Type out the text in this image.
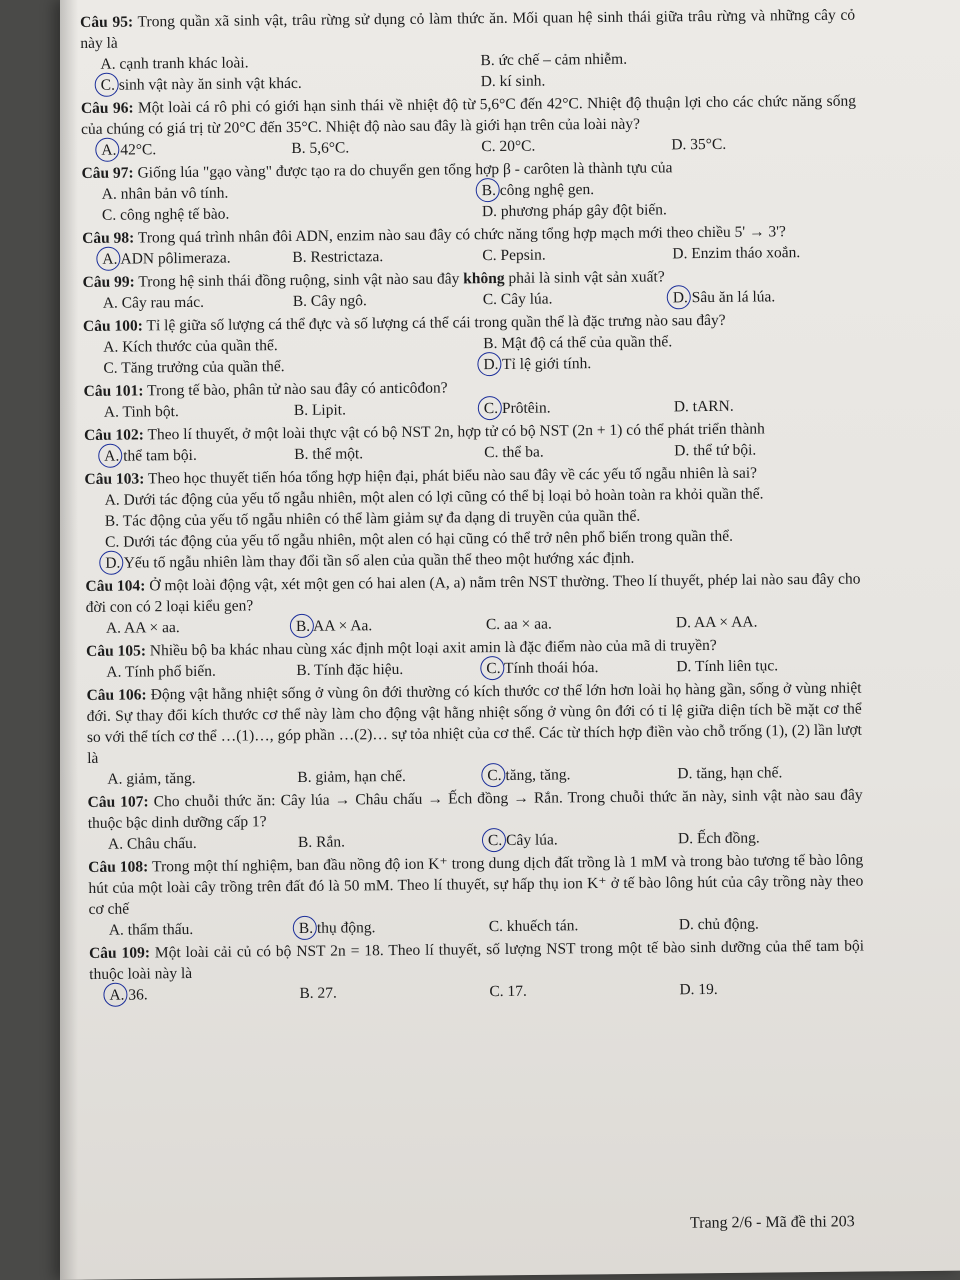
Câu 95: Trong quần xã sinh vật, trâu rừng sử dụng cỏ làm thức ăn. Mối quan hệ sinh thái giữa trâu rừng và những cây cỏ này là

A. cạnh tranh khác loài.	B. ức chế – cảm nhiễm.
C. sinh vật này ăn sinh vật khác.	D. kí sinh.

Câu 96: Một loài cá rô phi có giới hạn sinh thái về nhiệt độ từ 5,6°C đến 42°C. Nhiệt độ thuận lợi cho các chức năng sống của chúng có giá trị từ 20°C đến 35°C. Nhiệt độ nào sau đây là giới hạn trên của loài này?

A. 42°C.	B. 5,6°C.	C. 20°C.	D. 35°C.

Câu 97: Giống lúa "gạo vàng" được tạo ra do chuyển gen tổng hợp β - carôten là thành tựu của

A. nhân bản vô tính.	B. công nghệ gen.
C. công nghệ tế bào.	D. phương pháp gây đột biến.

Câu 98: Trong quá trình nhân đôi ADN, enzim nào sau đây có chức năng tổng hợp mạch mới theo chiều 5' → 3'?

A. ADN pôlimeraza.	B. Restrictaza.	C. Pepsin.	D. Enzim tháo xoắn.

Câu 99: Trong hệ sinh thái đồng ruộng, sinh vật nào sau đây không phải là sinh vật sản xuất?

A. Cây rau mác.	B. Cây ngô.	C. Cây lúa.	D. Sâu ăn lá lúa.

Câu 100: Tỉ lệ giữa số lượng cá thể đực và số lượng cá thể cái trong quần thể là đặc trưng nào sau đây?

A. Kích thước của quần thể.	B. Mật độ cá thể của quần thể.
C. Tăng trưởng của quần thể.	D. Tỉ lệ giới tính.

Câu 101: Trong tế bào, phân tử nào sau đây có anticôđon?

A. Tinh bột.	B. Lipit.	C. Prôtêin.	D. tARN.

Câu 102: Theo lí thuyết, ở một loài thực vật có bộ NST 2n, hợp tử có bộ NST (2n + 1) có thể phát triển thành

A. thể tam bội.	B. thể một.	C. thể ba.	D. thể tứ bội.

Câu 103: Theo học thuyết tiến hóa tổng hợp hiện đại, phát biểu nào sau đây về các yếu tố ngẫu nhiên là sai?

A. Dưới tác động của yếu tố ngẫu nhiên, một alen có lợi cũng có thể bị loại bỏ hoàn toàn ra khỏi quần thể.
B. Tác động của yếu tố ngẫu nhiên có thể làm giảm sự đa dạng di truyền của quần thể.
C. Dưới tác động của yếu tố ngẫu nhiên, một alen có hại cũng có thể trở nên phổ biến trong quần thể.
D. Yếu tố ngẫu nhiên làm thay đổi tần số alen của quần thể theo một hướng xác định.

Câu 104: Ở một loài động vật, xét một gen có hai alen (A, a) nằm trên NST thường. Theo lí thuyết, phép lai nào sau đây cho đời con có 2 loại kiểu gen?

A. AA × aa.	B. AA × Aa.	C. aa × aa.	D. AA × AA.

Câu 105: Nhiều bộ ba khác nhau cùng xác định một loại axit amin là đặc điểm nào của mã di truyền?

A. Tính phổ biến.	B. Tính đặc hiệu.	C. Tính thoái hóa.	D. Tính liên tục.

Câu 106: Động vật hằng nhiệt sống ở vùng ôn đới thường có kích thước cơ thể lớn hơn loài họ hàng gần, sống ở vùng nhiệt đới. Sự thay đổi kích thước cơ thể này làm cho động vật hằng nhiệt sống ở vùng ôn đới có tỉ lệ giữa diện tích bề mặt cơ thể so với thể tích cơ thể …(1)…, góp phần …(2)… sự tỏa nhiệt của cơ thể. Các từ thích hợp điền vào chỗ trống (1), (2) lần lượt là

A. giảm, tăng.	B. giảm, hạn chế.	C. tăng, tăng.	D. tăng, hạn chế.

Câu 107: Cho chuỗi thức ăn: Cây lúa → Châu chấu → Ếch đồng → Rắn. Trong chuỗi thức ăn này, sinh vật nào sau đây thuộc bậc dinh dưỡng cấp 1?

A. Châu chấu.	B. Rắn.	C. Cây lúa.	D. Ếch đồng.

Câu 108: Trong một thí nghiệm, ban đầu nồng độ ion K⁺ trong dung dịch đất trồng là 1 mM và trong bào tương tế bào lông hút của một loài cây trồng trên đất đó là 50 mM. Theo lí thuyết, sự hấp thụ ion K⁺ ở tế bào lông hút của cây trồng này theo cơ chế

A. thẩm thấu.	B. thụ động.	C. khuếch tán.	D. chủ động.

Câu 109: Một loài cải củ có bộ NST 2n = 18. Theo lí thuyết, số lượng NST trong một tế bào sinh dưỡng của thể tam bội thuộc loài này là

A. 36.	B. 27.	C. 17.	D. 19.
Trang 2/6 - Mã đề thi 203
